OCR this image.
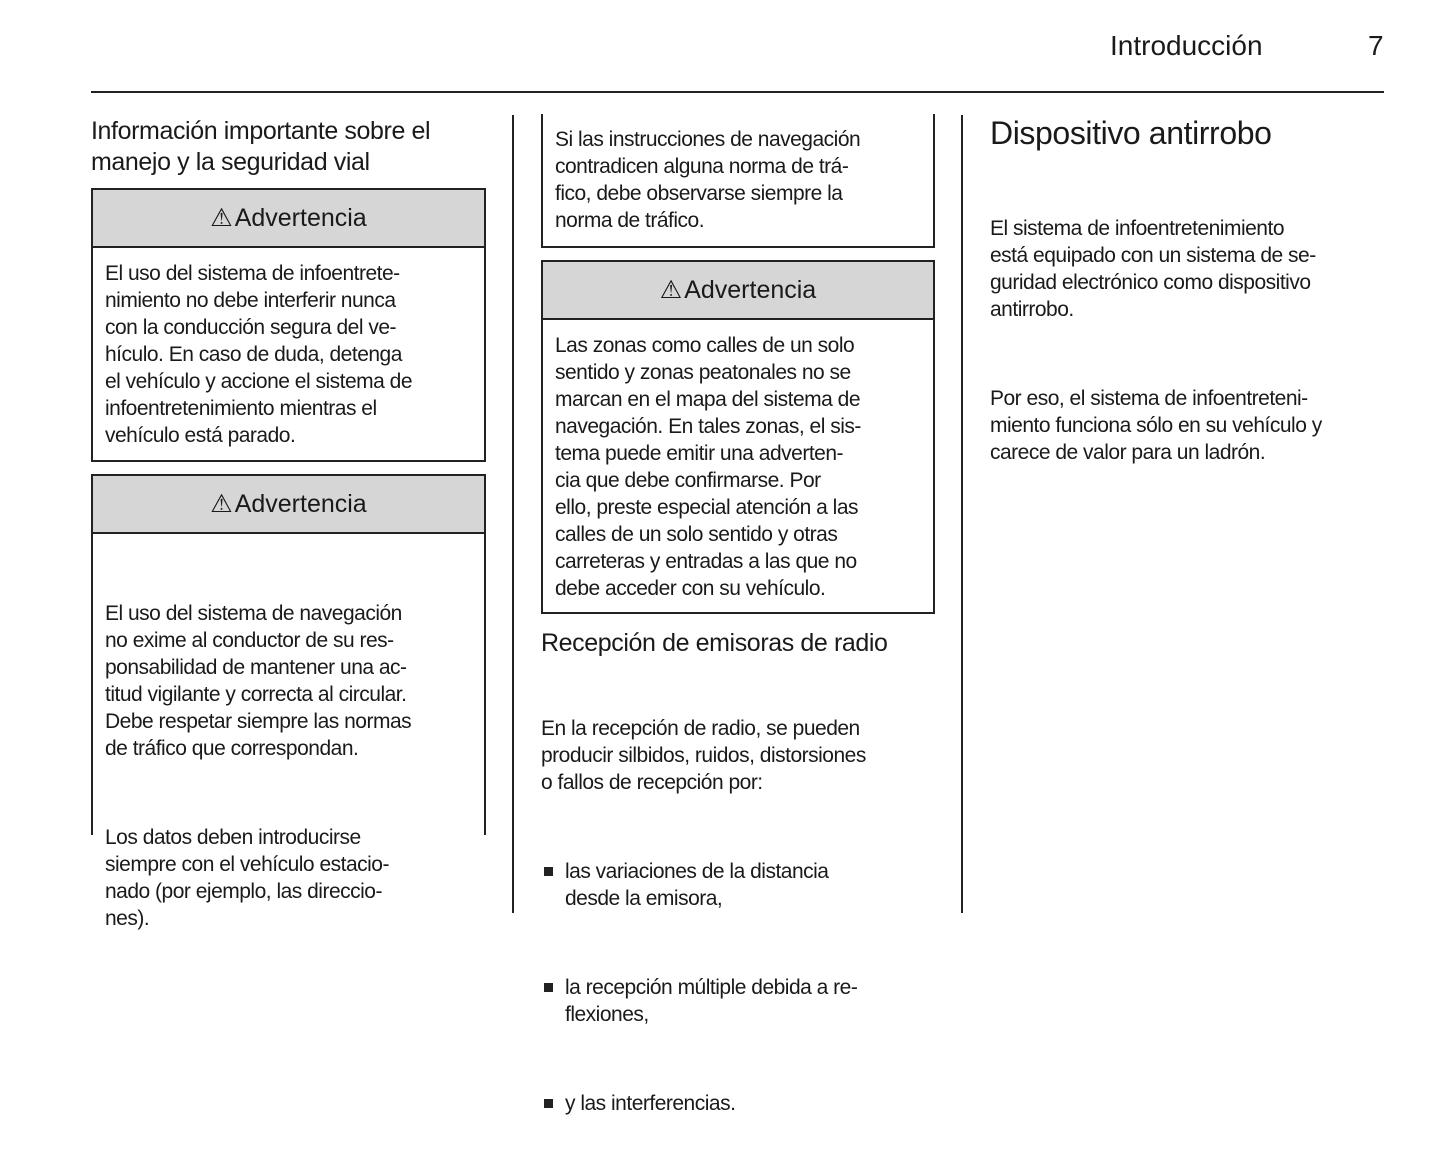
Introducción	7
Información importante sobre el
manejo y la seguridad vial
⚠ Advertencia
El uso del sistema de infoentrete-
nimiento no debe interferir nunca
con la conducción segura del ve-
hículo. En caso de duda, detenga
el vehículo y accione el sistema de
infoentretenimiento mientras el
vehículo está parado.
⚠ Advertencia

El uso del sistema de navegación
no exime al conductor de su res-
ponsabilidad de mantener una ac-
titud vigilante y correcta al circular.
Debe respetar siempre las normas
de tráfico que correspondan.

Los datos deben introducirse
siempre con el vehículo estacio-
nado (por ejemplo, las direccio-
nes).

Si las instrucciones de navegación
contradicen alguna norma de trá-
fico, debe observarse siempre la
norma de tráfico.
⚠ Advertencia
Las zonas como calles de un solo
sentido y zonas peatonales no se
marcan en el mapa del sistema de
navegación. En tales zonas, el sis-
tema puede emitir una adverten-
cia que debe confirmarse. Por
ello, preste especial atención a las
calles de un solo sentido y otras
carreteras y entradas a las que no
debe acceder con su vehículo.
Recepción de emisoras de radio

En la recepción de radio, se pueden
producir silbidos, ruidos, distorsiones
o fallos de recepción por:

las variaciones de la distancia
desde la emisora,

la recepción múltiple debida a re-
flexiones,

y las interferencias.

Dispositivo antirrobo

El sistema de infoentretenimiento
está equipado con un sistema de se-
guridad electrónico como dispositivo
antirrobo.

Por eso, el sistema de infoentreteni-
miento funciona sólo en su vehículo y
carece de valor para un ladrón.
